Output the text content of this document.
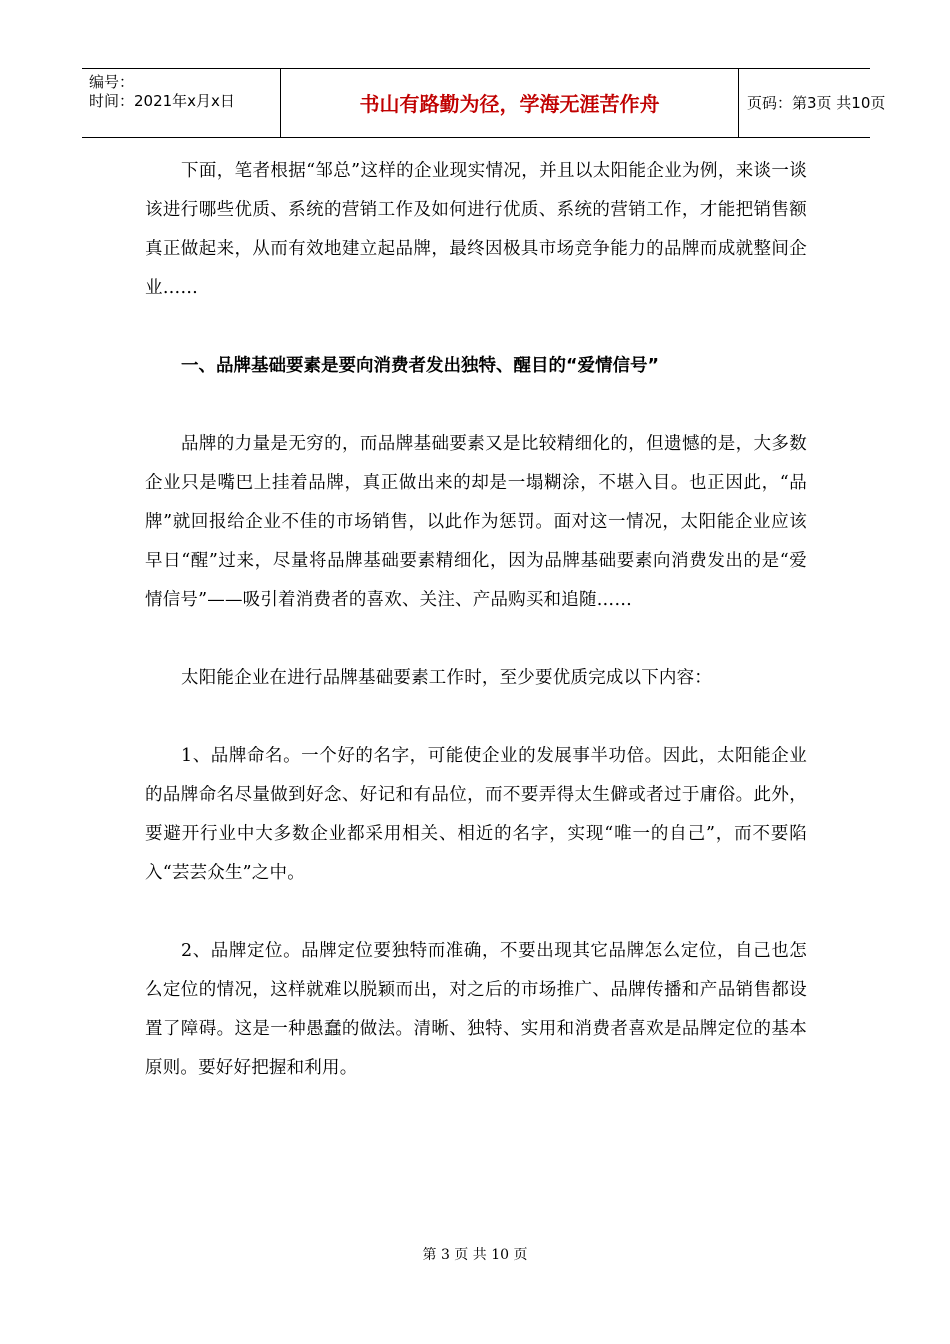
编号：
时间：2021年x月x日	书山有路勤为径，学海无涯苦作舟	页码：第3页 共10页

下面，笔者根据“邹总”这样的企业现实情况，并且以太阳能企业为例，来谈一谈该进行哪些优质、系统的营销工作及如何进行优质、系统的营销工作，才能把销售额真正做起来，从而有效地建立起品牌，最终因极具市场竞争能力的品牌而成就整间企业……

一、品牌基础要素是要向消费者发出独特、醒目的“爱情信号”

品牌的力量是无穷的，而品牌基础要素又是比较精细化的，但遗憾的是，大多数企业只是嘴巴上挂着品牌，真正做出来的却是一塌糊涂，不堪入目。也正因此，“品牌”就回报给企业不佳的市场销售，以此作为惩罚。面对这一情况，太阳能企业应该早日“醒”过来，尽量将品牌基础要素精细化，因为品牌基础要素向消费发出的是“爱情信号”——吸引着消费者的喜欢、关注、产品购买和追随……

太阳能企业在进行品牌基础要素工作时，至少要优质完成以下内容：

1、品牌命名。一个好的名字，可能使企业的发展事半功倍。因此，太阳能企业的品牌命名尽量做到好念、好记和有品位，而不要弄得太生僻或者过于庸俗。此外，要避开行业中大多数企业都采用相关、相近的名字，实现“唯一的自己”，而不要陷入“芸芸众生”之中。

2、品牌定位。品牌定位要独特而准确，不要出现其它品牌怎么定位，自己也怎么定位的情况，这样就难以脱颖而出，对之后的市场推广、品牌传播和产品销售都设置了障碍。这是一种愚蠢的做法。清晰、独特、实用和消费者喜欢是品牌定位的基本原则。要好好把握和利用。

第 3 页 共 10 页
